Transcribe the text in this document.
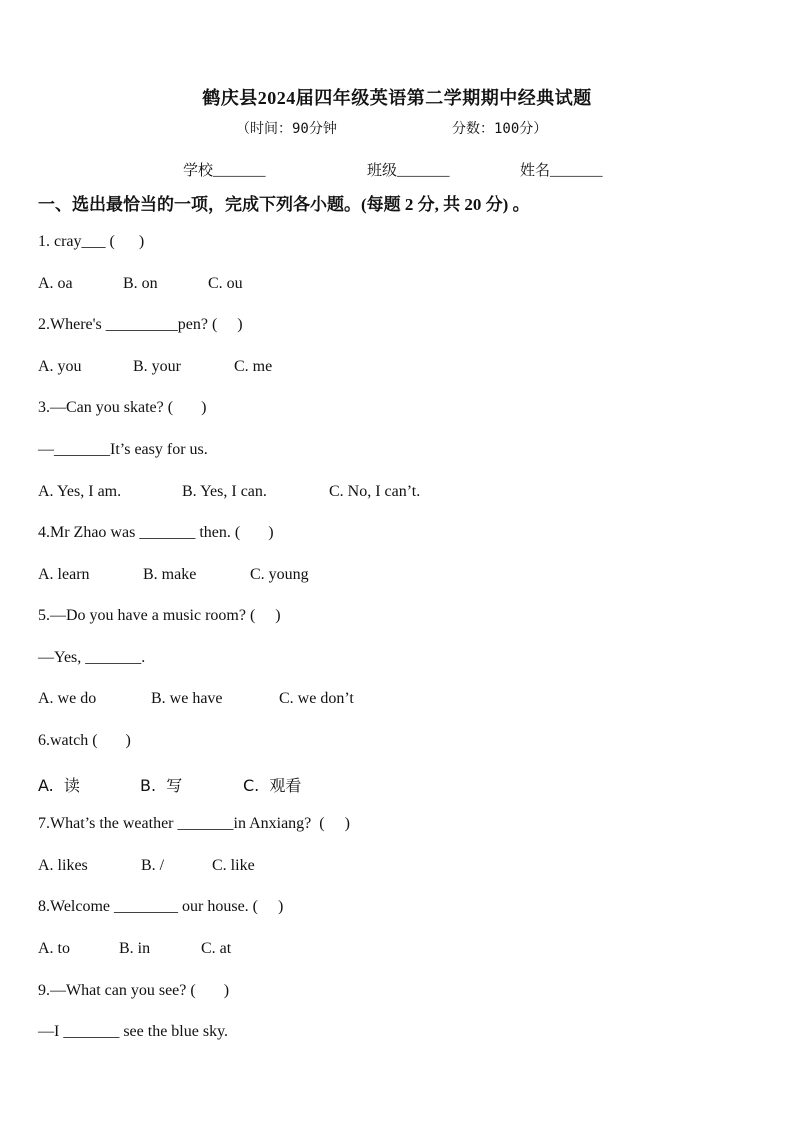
鹤庆县2024届四年级英语第二学期期中经典试题
（时间：90分钟	分数：100分）
学校_______	班级_______	姓名_______
一、选出最恰当的一项，完成下列各小题。(每题 2 分, 共 20 分) 。
1. cray___ (      )
A. oa	B. on	C. ou
2.Where's _________pen? (     )
A. you	B. your	C. me
3.—Can you skate? (       )
—_______It’s easy for us.
A. Yes, I am.	B. Yes, I can.	C. No, I can’t.
4.Mr Zhao was _______ then. (       )
A. learn	B. make	C. young
5.—Do you have a music room? (     )
—Yes, _______.
A. we do	B. we have	C. we don’t
6.watch (       )
A.  读	B.  写	C.  观看
7.What’s the weather _______in Anxiang?  (     )
A. likes	B. /	C. like
8.Welcome ________ our house. (     )
A. to	B. in	C. at
9.—What can you see? (       )
—I _______ see the blue sky.
